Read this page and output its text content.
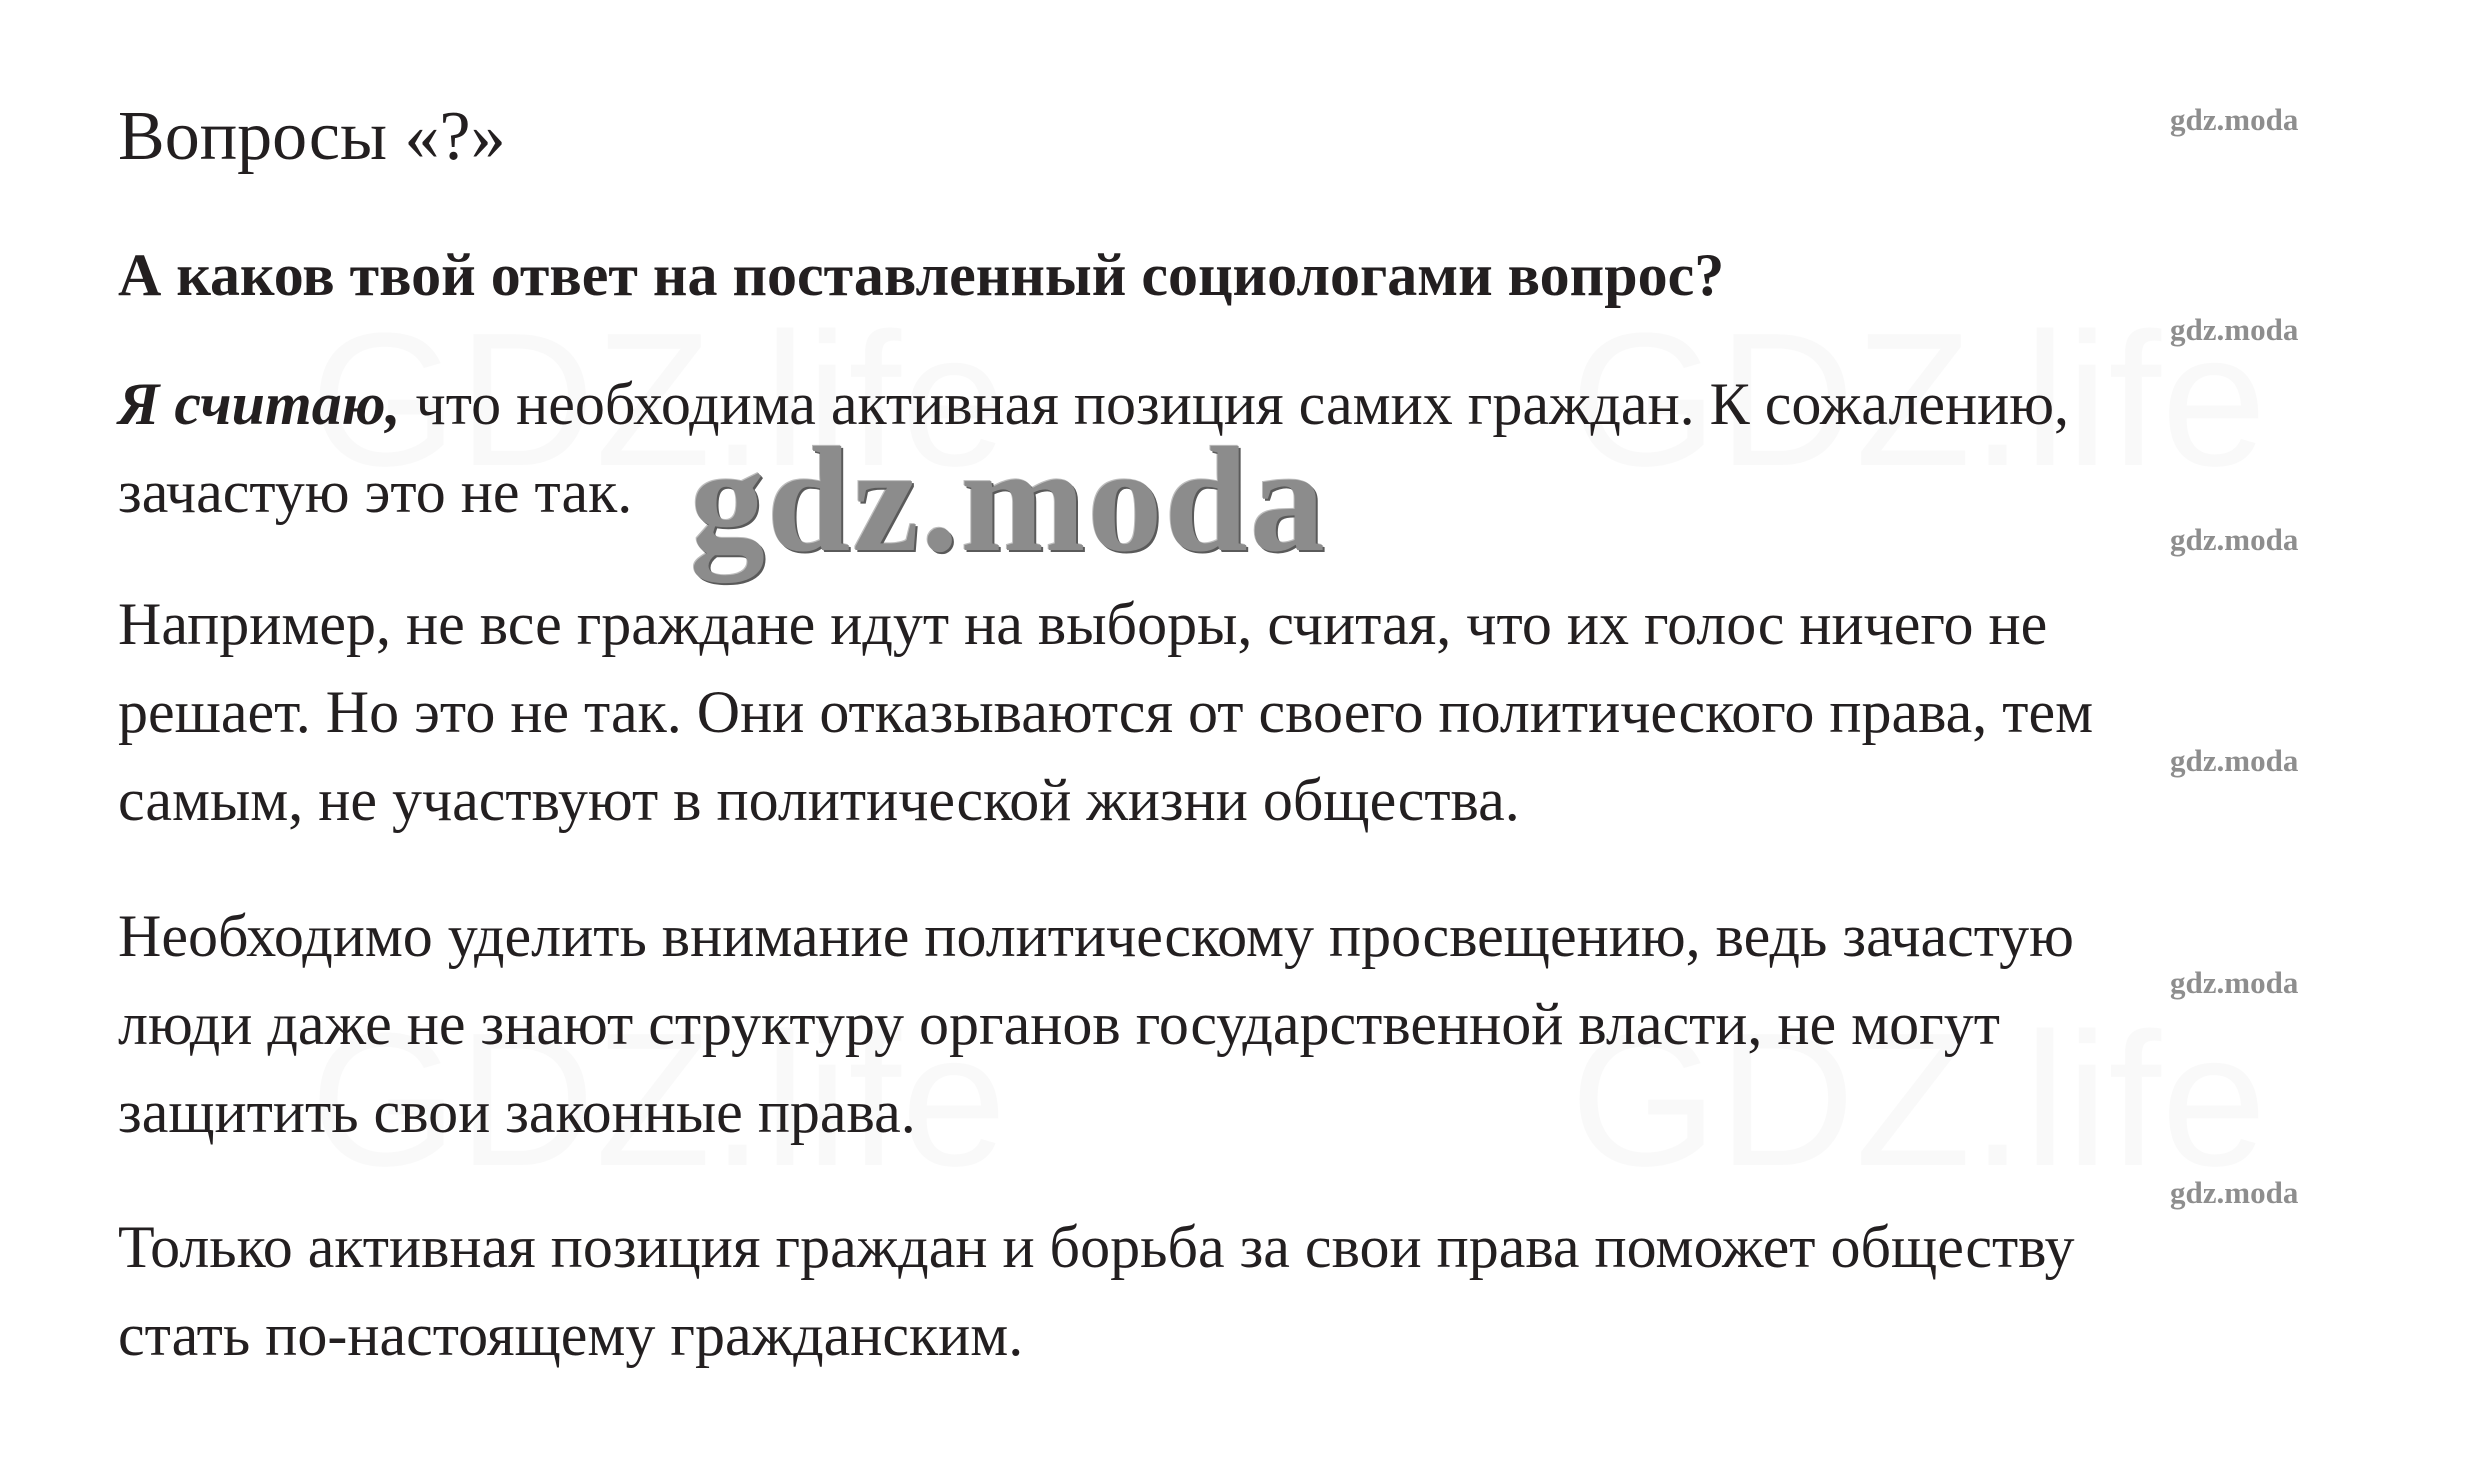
Вопросы «?»
А каков твой ответ на поставленный социологами вопрос?
Я считаю, что необходима активная позиция самих граждан. К сожалению,
зачастую это не так.
Например, не все граждане идут на выборы, считая, что их голос ничего не
решает. Но это не так. Они отказываются от своего политического права, тем
самым, не участвуют в политической жизни общества.
Необходимо уделить внимание политическому просвещению, ведь зачастую
люди даже не знают структуру органов государственной власти, не могут
защитить свои законные права.
Только активная позиция граждан и борьба за свои права поможет обществу
стать по-настоящему гражданским.
gdz.moda
gdz.moda
gdz.moda
gdz.moda
gdz.moda
gdz.moda
gdz.moda
